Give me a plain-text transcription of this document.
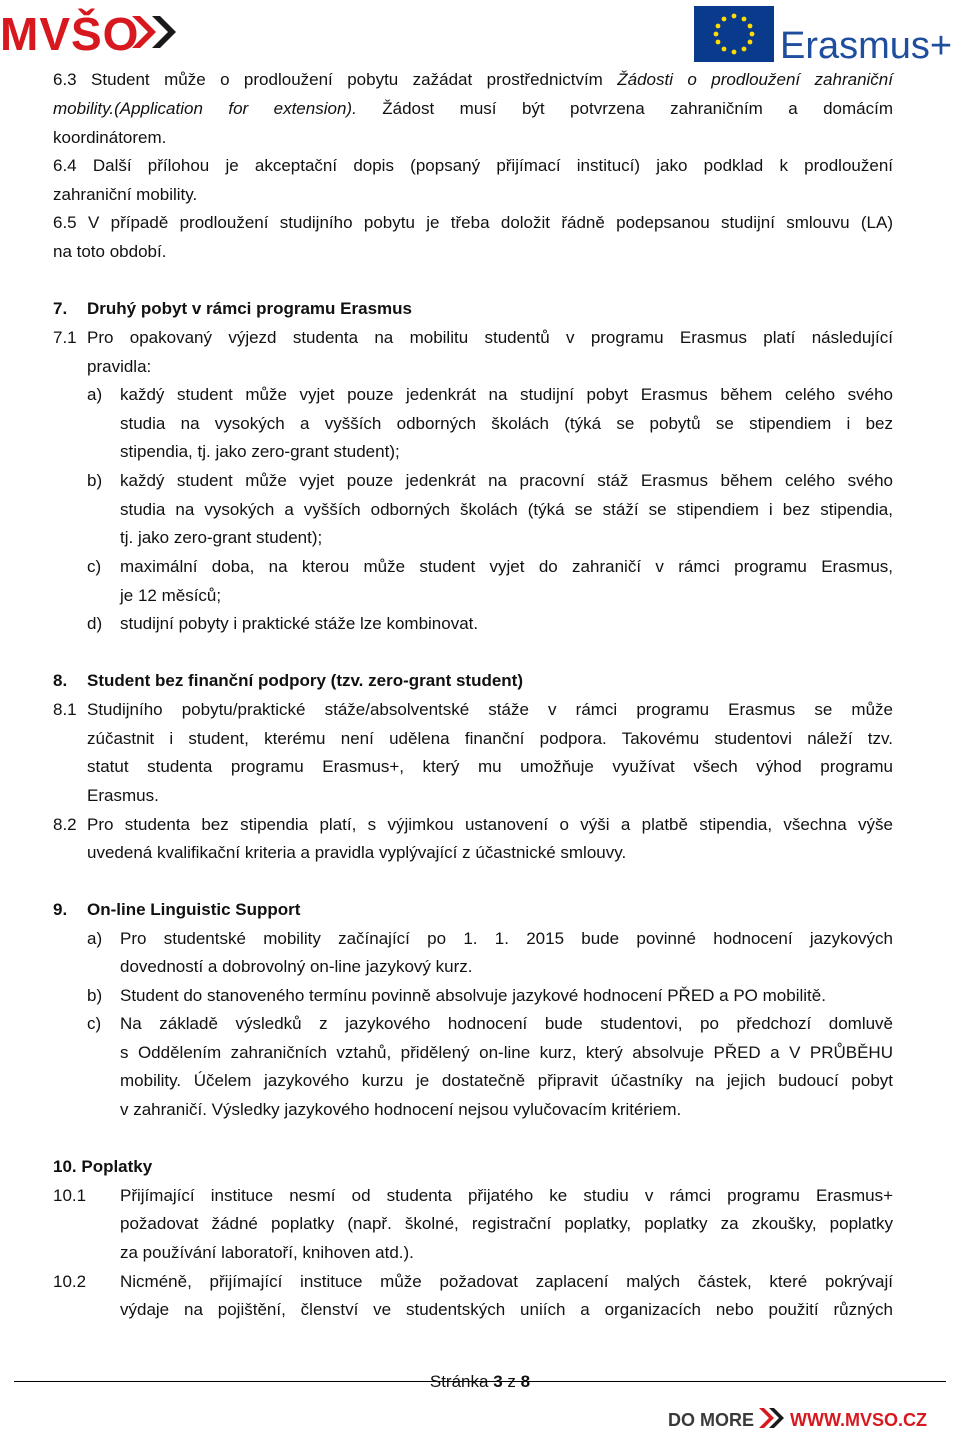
MVŠO	Erasmus+
6.3 Student může o prodloužení pobytu zažádat prostřednictvím Žádosti o prodloužení zahraniční
mobility.(Application for extension). Žádost musí být potvrzena zahraničním a domácím
koordinátorem.
6.4 Další přílohou je akceptační dopis (popsaný přijímací institucí) jako podklad k prodloužení
zahraniční mobility.
6.5 V případě prodloužení studijního pobytu je třeba doložit řádně podepsanou studijní smlouvu (LA)
na toto období.
7. Druhý pobyt v rámci programu Erasmus
7.1 Pro opakovaný výjezd studenta na mobilitu studentů v programu Erasmus platí následující
pravidla:
a) každý student může vyjet pouze jedenkrát na studijní pobyt Erasmus během celého svého
studia na vysokých a vyšších odborných školách (týká se pobytů se stipendiem i bez
stipendia, tj. jako zero-grant student);
b) každý student může vyjet pouze jedenkrát na pracovní stáž Erasmus během celého svého
studia na vysokých a vyšších odborných školách (týká se stáží se stipendiem i bez stipendia,
tj. jako zero-grant student);
c) maximální doba, na kterou může student vyjet do zahraničí v rámci programu Erasmus,
je 12 měsíců;
d) studijní pobyty i praktické stáže lze kombinovat.
8. Student bez finanční podpory (tzv. zero-grant student)
8.1 Studijního pobytu/praktické stáže/absolventské stáže v rámci programu Erasmus se může
zúčastnit i student, kterému není udělena finanční podpora. Takovému studentovi náleží tzv.
statut studenta programu Erasmus+, který mu umožňuje využívat všech výhod programu
Erasmus.
8.2 Pro studenta bez stipendia platí, s výjimkou ustanovení o výši a platbě stipendia, všechna výše
uvedená kvalifikační kriteria a pravidla vyplývající z účastnické smlouvy.
9. On-line Linguistic Support
a) Pro studentské mobility začínající po 1. 1. 2015 bude povinné hodnocení jazykových
dovedností a dobrovolný on-line jazykový kurz.
b) Student do stanoveného termínu povinně absolvuje jazykové hodnocení PŘED a PO mobilitě.
c) Na základě výsledků z jazykového hodnocení bude studentovi, po předchozí domluvě
s Oddělením zahraničních vztahů, přidělený on-line kurz, který absolvuje PŘED a V PRŮBĚHU
mobility. Účelem jazykového kurzu je dostatečně připravit účastníky na jejich budoucí pobyt
v zahraničí. Výsledky jazykového hodnocení nejsou vylučovacím kritériem.
10. Poplatky
10.1 Přijímající instituce nesmí od studenta přijatého ke studiu v rámci programu Erasmus+
požadovat žádné poplatky (např. školné, registrační poplatky, poplatky za zkoušky, poplatky
za používání laboratoří, knihoven atd.).
10.2 Nicméně, přijímající instituce může požadovat zaplacení malých částek, které pokrývají
výdaje na pojištění, členství ve studentských uniích a organizacích nebo použití různých
Stránka 3 z 8
DO MORE WWW.MVSO.CZ
